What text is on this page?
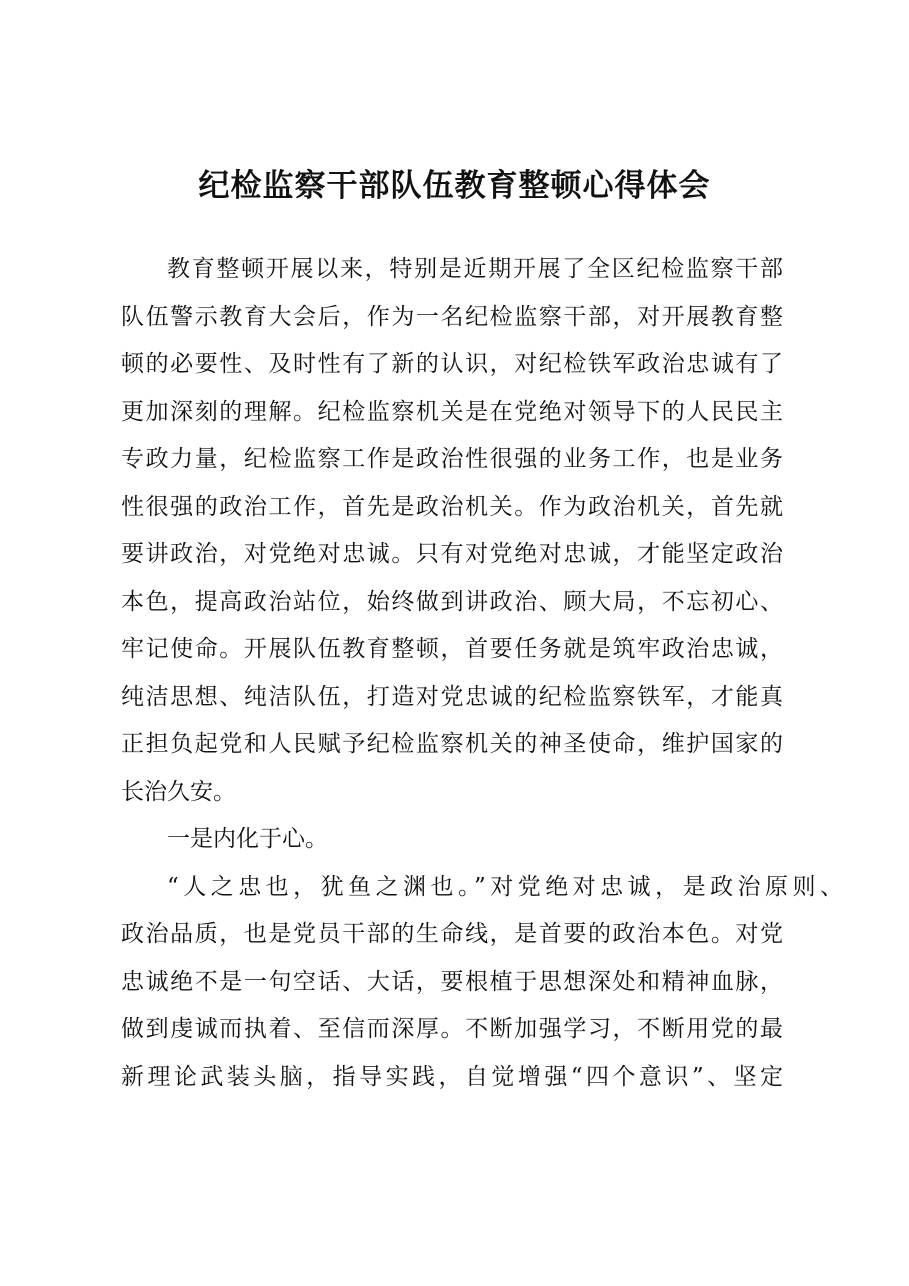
纪检监察干部队伍教育整顿心得体会
教育整顿开展以来，特别是近期开展了全区纪检监察干部
队伍警示教育大会后，作为一名纪检监察干部，对开展教育整
顿的必要性、及时性有了新的认识，对纪检铁军政治忠诚有了
更加深刻的理解。纪检监察机关是在党绝对领导下的人民民主
专政力量，纪检监察工作是政治性很强的业务工作，也是业务
性很强的政治工作，首先是政治机关。作为政治机关，首先就
要讲政治，对党绝对忠诚。只有对党绝对忠诚，才能坚定政治
本色，提高政治站位，始终做到讲政治、顾大局，不忘初心、
牢记使命。开展队伍教育整顿，首要任务就是筑牢政治忠诚，
纯洁思想、纯洁队伍，打造对党忠诚的纪检监察铁军，才能真
正担负起党和人民赋予纪检监察机关的神圣使命，维护国家的
长治久安。
一是内化于心。
“人之忠也，犹鱼之渊也。”对党绝对忠诚，是政治原则、
政治品质，也是党员干部的生命线，是首要的政治本色。对党
忠诚绝不是一句空话、大话，要根植于思想深处和精神血脉，
做到虔诚而执着、至信而深厚。不断加强学习，不断用党的最
新理论武装头脑，指导实践，自觉增强“四个意识”、坚定
